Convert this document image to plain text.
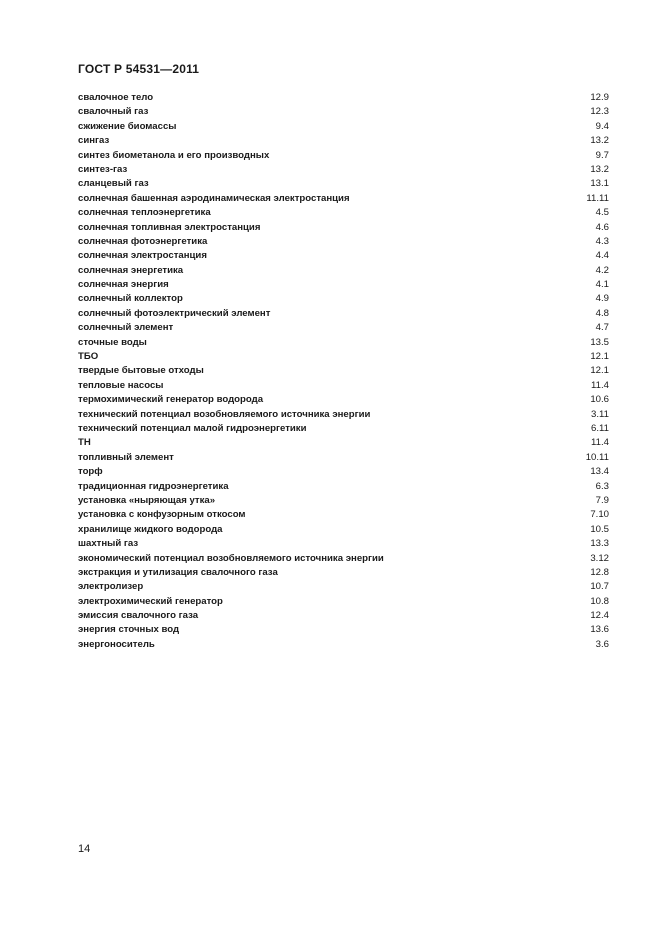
ГОСТ Р 54531—2011
свалочное тело	12.9
свалочный газ	12.3
сжижение биомассы	9.4
сингаз	13.2
синтез биометанола и его производных	9.7
синтез-газ	13.2
сланцевый газ	13.1
солнечная башенная аэродинамическая электростанция	11.11
солнечная теплоэнергетика	4.5
солнечная топливная электростанция	4.6
солнечная фотоэнергетика	4.3
солнечная электростанция	4.4
солнечная энергетика	4.2
солнечная энергия	4.1
солнечный коллектор	4.9
солнечный фотоэлектрический элемент	4.8
солнечный элемент	4.7
сточные воды	13.5
ТБО	12.1
твердые бытовые отходы	12.1
тепловые насосы	11.4
термохимический генератор водорода	10.6
технический потенциал возобновляемого источника энергии	3.11
технический потенциал малой гидроэнергетики	6.11
ТН	11.4
топливный элемент	10.11
торф	13.4
традиционная гидроэнергетика	6.3
установка «ныряющая утка»	7.9
установка с конфузорным откосом	7.10
хранилище жидкого водорода	10.5
шахтный газ	13.3
экономический потенциал возобновляемого источника энергии	3.12
экстракция и утилизация свалочного газа	12.8
электролизер	10.7
электрохимический генератор	10.8
эмиссия свалочного газа	12.4
энергия сточных вод	13.6
энергоноситель	3.6
14
